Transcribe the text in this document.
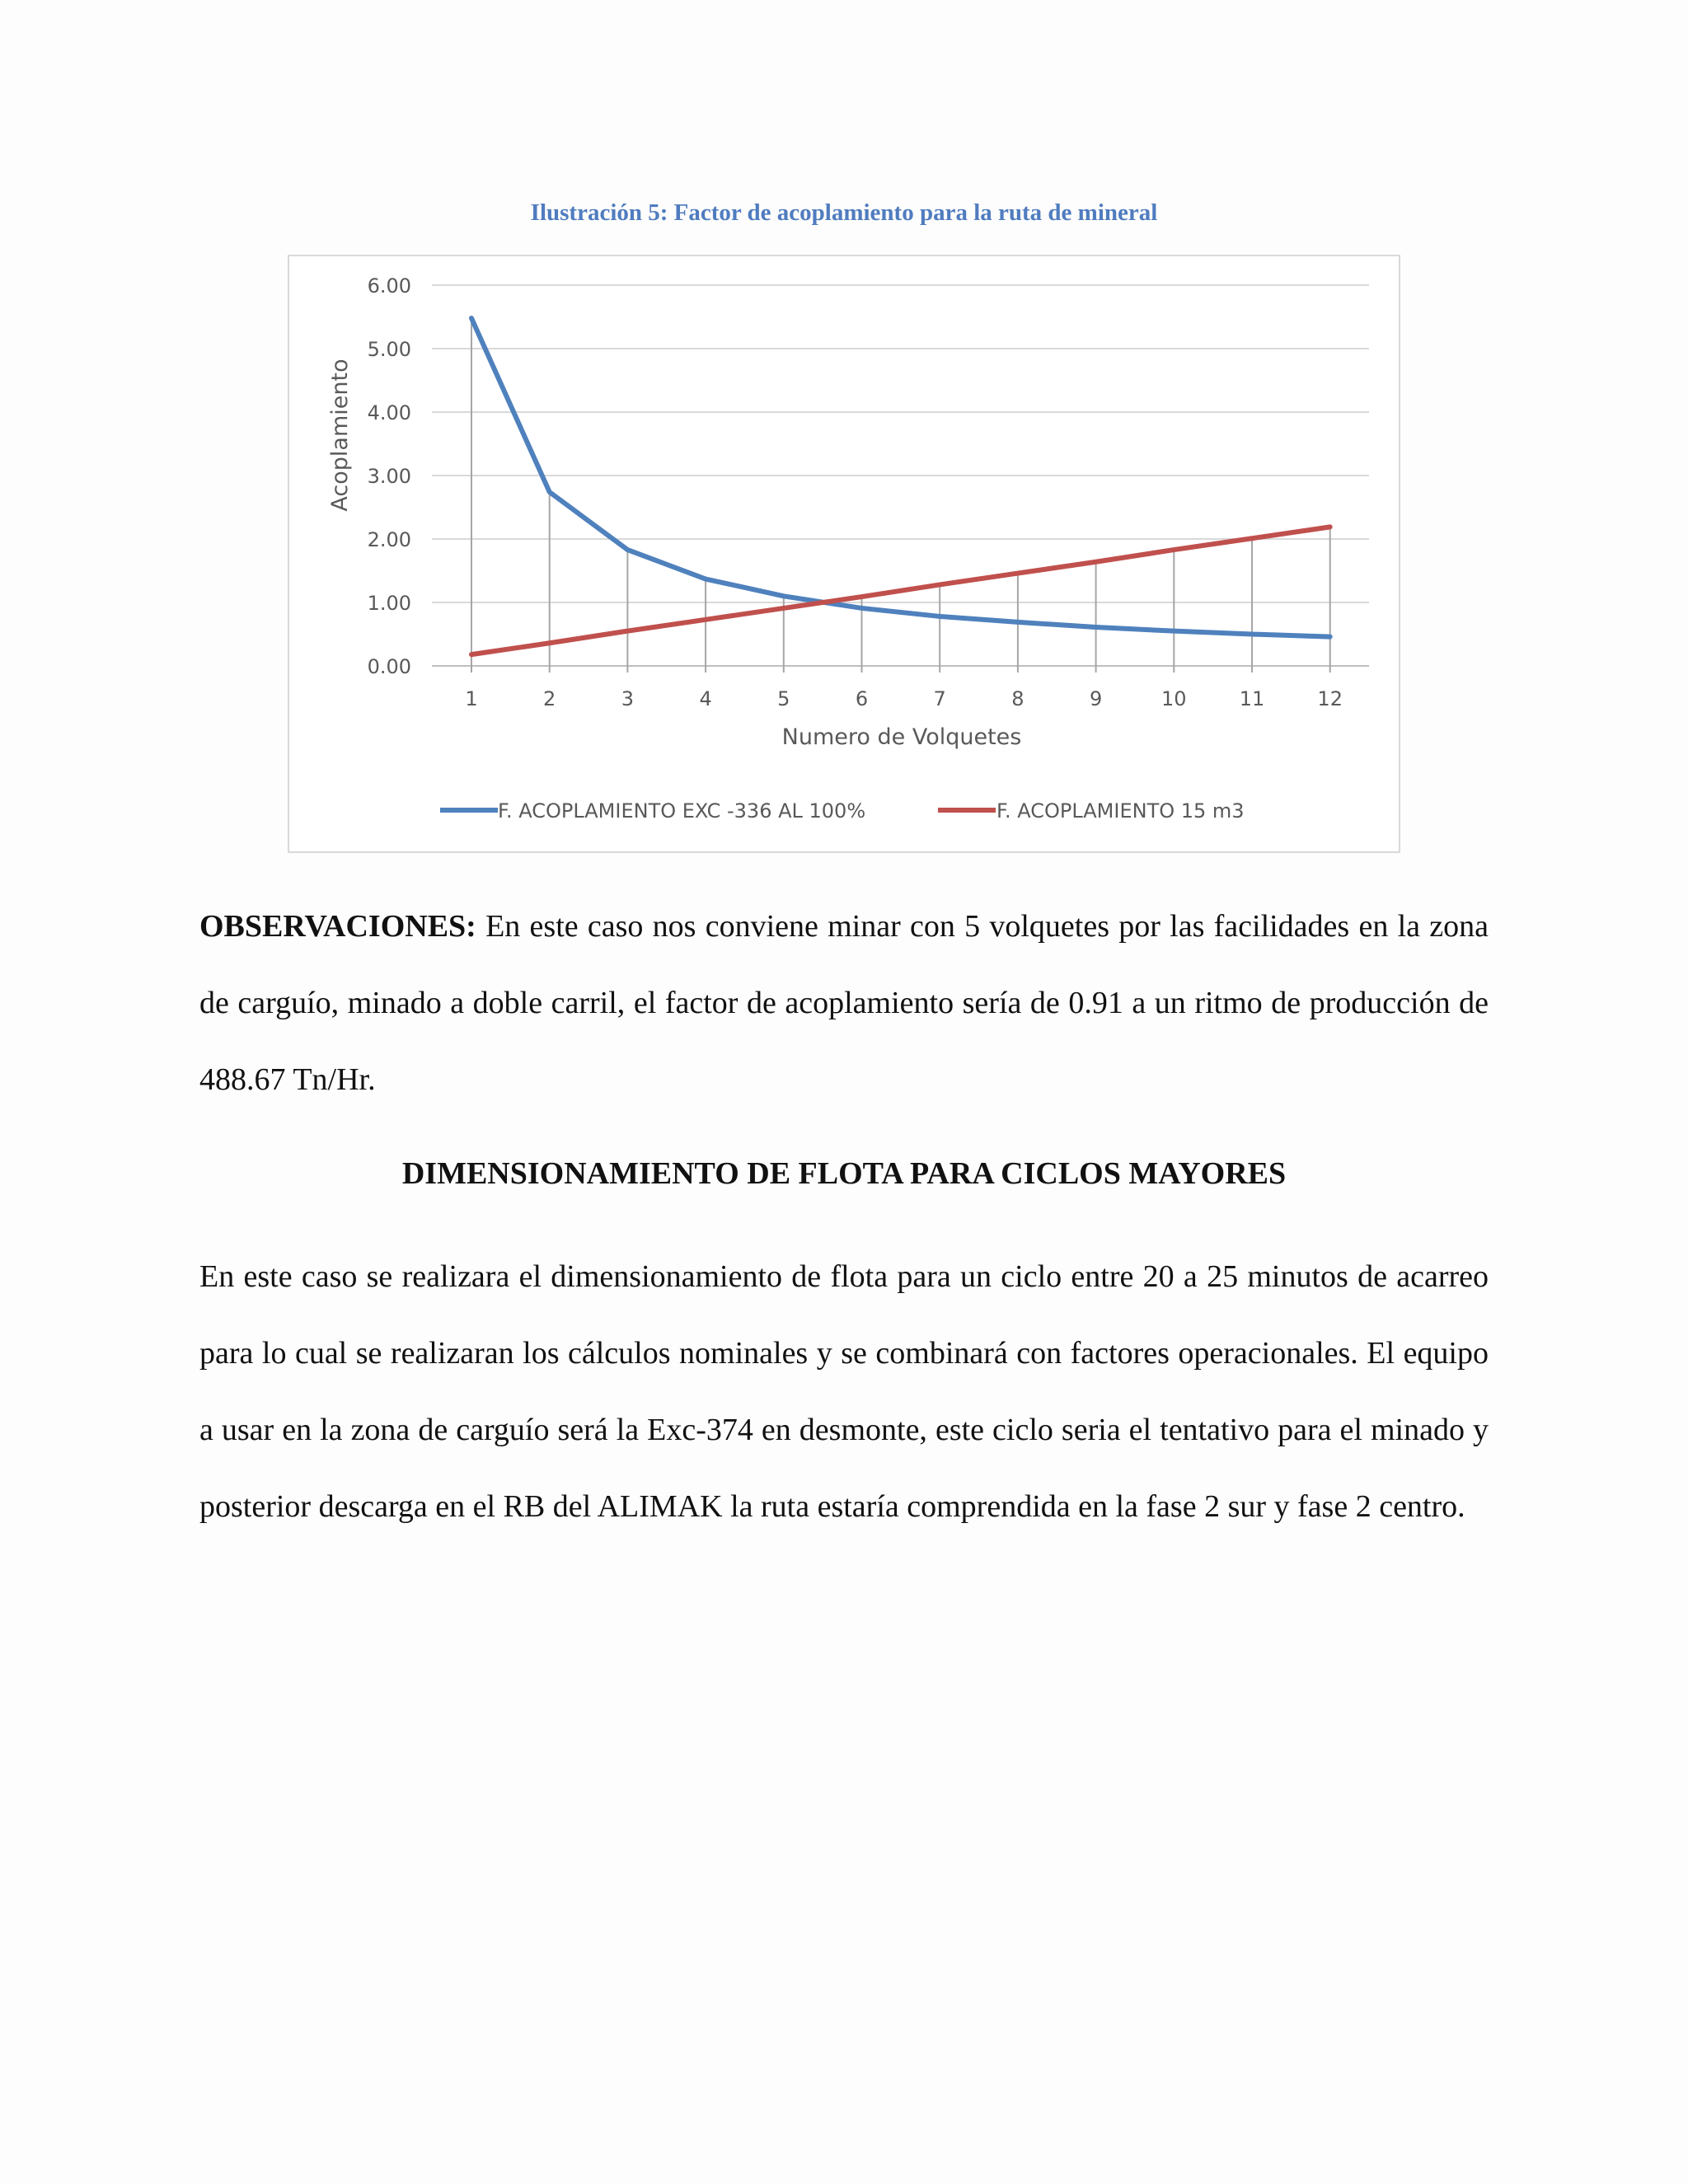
Ilustración 5: Factor de acoplamiento para la ruta de mineral
0.00
1.00
2.00
3.00
4.00
5.00
6.00
1	2	3	4	5	6	7	8	9	10	11	12
Acoplamiento
Numero de Volquetes
F. ACOPLAMIENTO EXC -336 AL 100%	F. ACOPLAMIENTO 15 m3

OBSERVACIONES: En este caso nos conviene minar con 5 volquetes por las facilidades en la zona de carguío, minado a doble carril, el factor de acoplamiento sería de 0.91 a un ritmo de producción de 488.67 Tn/Hr.

DIMENSIONAMIENTO DE FLOTA PARA CICLOS MAYORES

En este caso se realizara el dimensionamiento de flota para un ciclo entre 20 a 25 minutos de acarreo para lo cual se realizaran los cálculos nominales y se combinará con factores operacionales. El equipo a usar en la zona de carguío será la Exc-374 en desmonte, este ciclo seria el tentativo para el minado y posterior descarga en el RB del ALIMAK la ruta estaría comprendida en la fase 2 sur y fase 2 centro.
